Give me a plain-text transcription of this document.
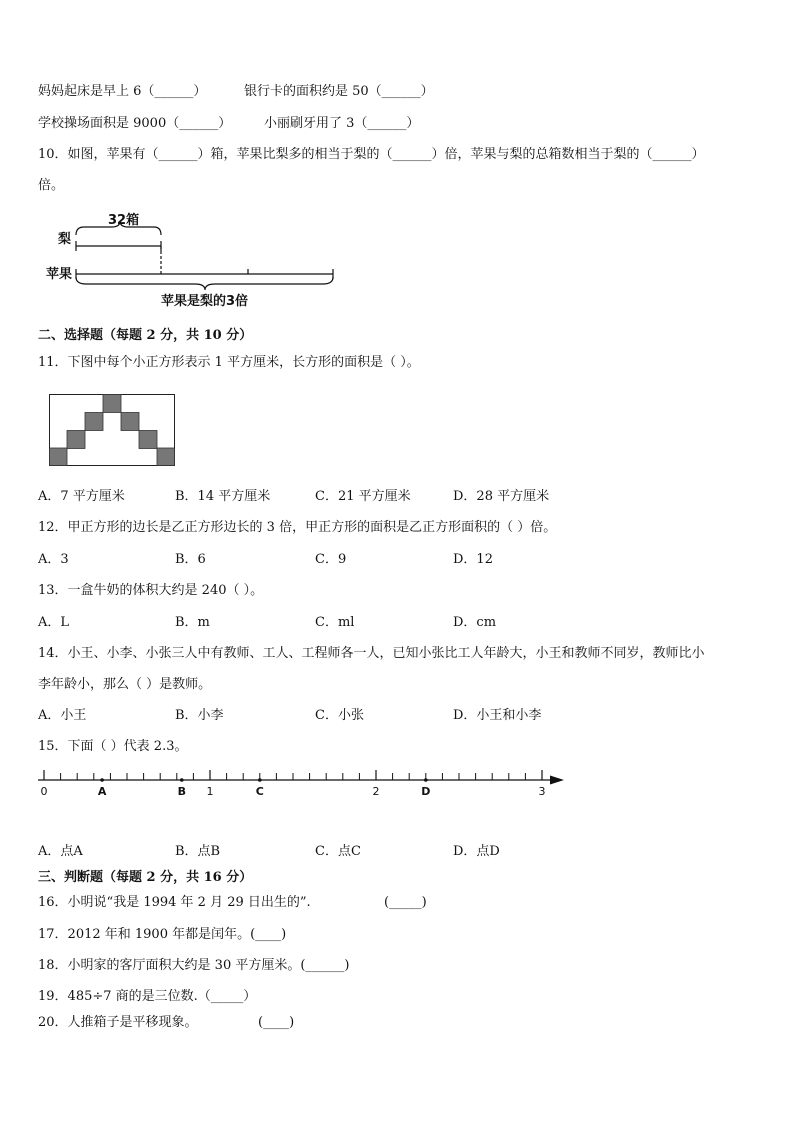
妈妈起床是早上 6（______）	银行卡的面积约是 50（______）
学校操场面积是 9000（______）	小丽刷牙用了 3（______）
10．如图，苹果有（______）箱，苹果比梨多的相当于梨的（______）倍，苹果与梨的总箱数相当于梨的（______）
倍。
32箱
梨
苹果
苹果是梨的3倍
二、选择题（每题 2 分，共 10 分）
11．下图中每个小正方形表示 1 平方厘米，长方形的面积是（ ）。
A．7 平方厘米	B．14 平方厘米	C．21 平方厘米	D．28 平方厘米
12．甲正方形的边长是乙正方形边长的 3 倍，甲正方形的面积是乙正方形面积的（ ）倍。
A．3	B．6	C．9	D．12
13．一盒牛奶的体积大约是 240（ ）。
A．L	B．m	C．ml	D．cm
14．小王、小李、小张三人中有教师、工人、工程师各一人，已知小张比工人年龄大，小王和教师不同岁，教师比小
李年龄小，那么（ ）是教师。
A．小王	B．小李	C．小张	D．小王和小李
15．下面（ ）代表 2.3。
0	A	B 1	C	2	D	3
A．点A	B．点B	C．点C	D．点D
三、判断题（每题 2 分，共 16 分）
16．小明说“我是 1994 年 2 月 29 日出生的”.	(_____)
17．2012 年和 1900 年都是闰年。(____)
18．小明家的客厅面积大约是 30 平方厘米。(______)
19．485÷7 商的是三位数.（_____）
20．人推箱子是平移现象。	(____)
